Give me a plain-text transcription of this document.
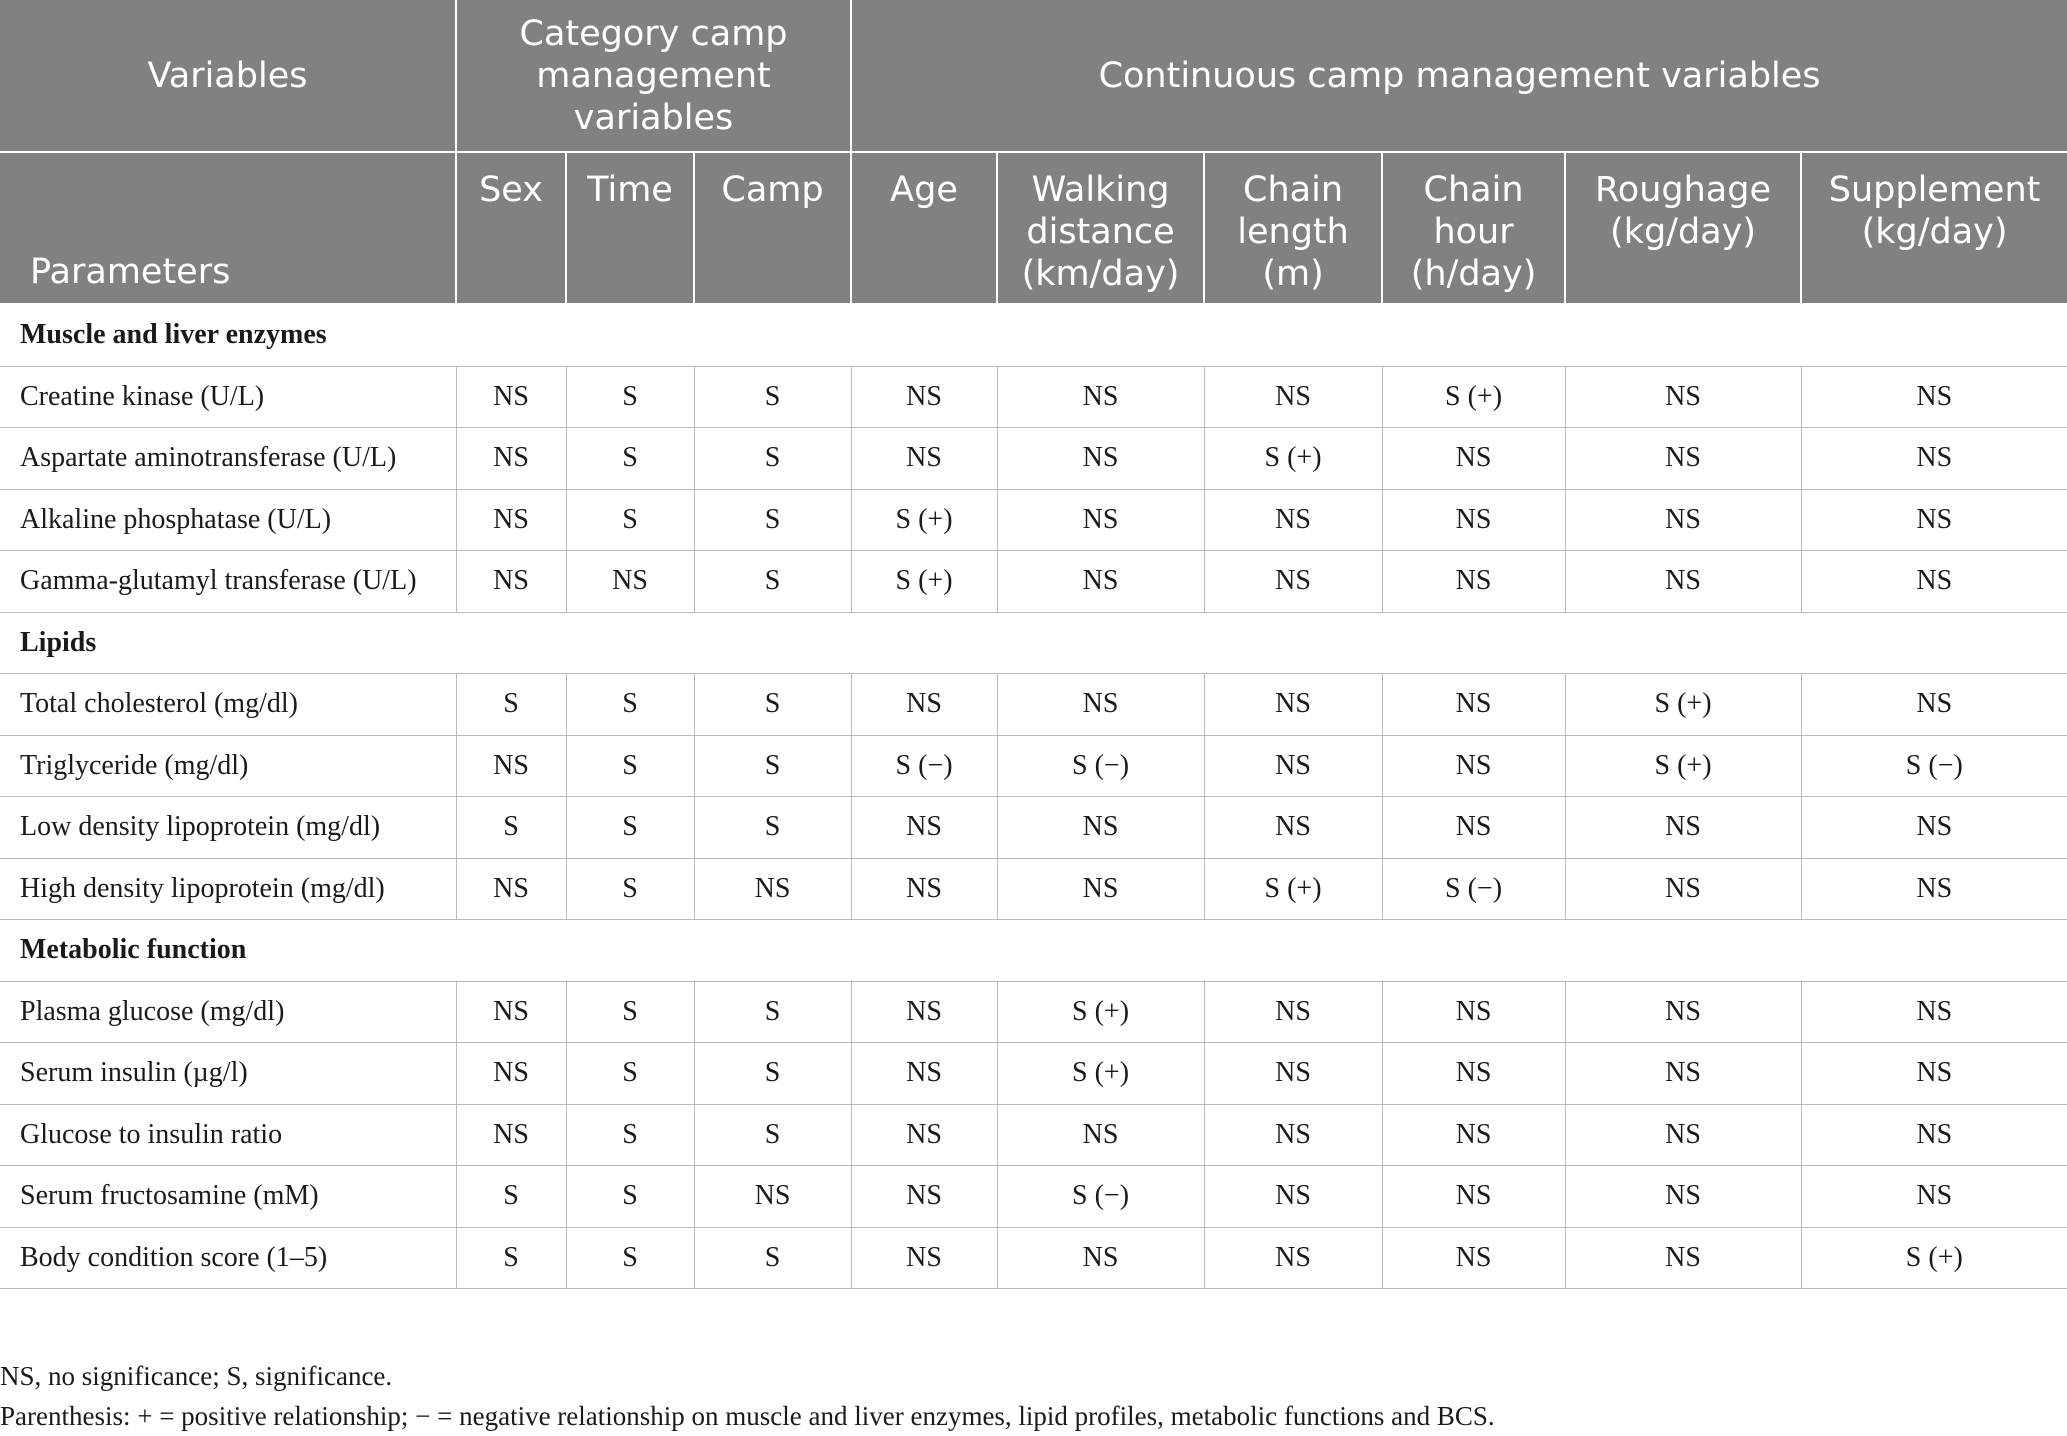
Variables	Category camp management variables			Continuous camp management variables					
Parameters	Sex	Time	Camp	Age	Walking distance (km/day)	Chain length (m)	Chain hour (h/day)	Roughage (kg/day)	Supplement (kg/day)
Muscle and liver enzymes									
Creatine kinase (U/L)	NS	S	S	NS	NS	NS	S (+)	NS	NS
Aspartate aminotransferase (U/L)	NS	S	S	NS	NS	S (+)	NS	NS	NS
Alkaline phosphatase (U/L)	NS	S	S	S (+)	NS	NS	NS	NS	NS
Gamma-glutamyl transferase (U/L)	NS	NS	S	S (+)	NS	NS	NS	NS	NS
Lipids									
Total cholesterol (mg/dl)	S	S	S	NS	NS	NS	NS	S (+)	NS
Triglyceride (mg/dl)	NS	S	S	S (−)	S (−)	NS	NS	S (+)	S (−)
Low density lipoprotein (mg/dl)	S	S	S	NS	NS	NS	NS	NS	NS
High density lipoprotein (mg/dl)	NS	S	NS	NS	NS	S (+)	S (−)	NS	NS
Metabolic function									
Plasma glucose (mg/dl)	NS	S	S	NS	S (+)	NS	NS	NS	NS
Serum insulin (µg/l)	NS	S	S	NS	S (+)	NS	NS	NS	NS
Glucose to insulin ratio	NS	S	S	NS	NS	NS	NS	NS	NS
Serum fructosamine (mM)	S	S	NS	NS	S (−)	NS	NS	NS	NS
Body condition score (1–5)	S	S	S	NS	NS	NS	NS	NS	S (+)
NS, no significance; S, significance.
Parenthesis: + = positive relationship; − = negative relationship on muscle and liver enzymes, lipid profiles, metabolic functions and BCS.
